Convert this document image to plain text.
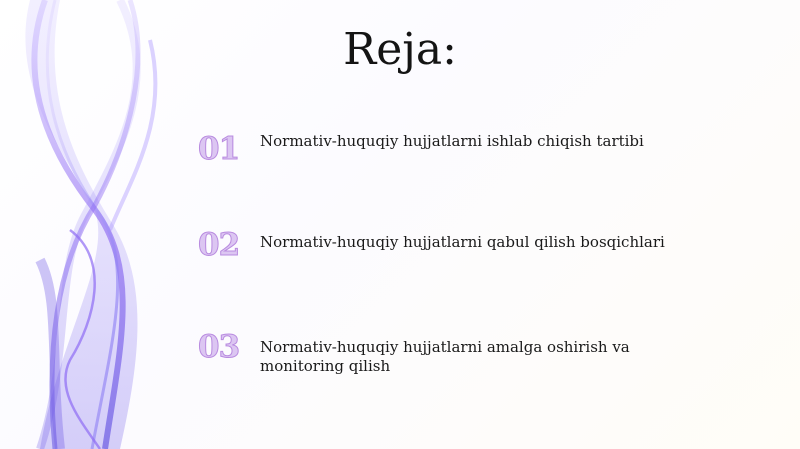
Reja:
01	Normativ-huquqiy hujjatlarni ishlab chiqish tartibi
02	Normativ-huquqiy hujjatlarni qabul qilish bosqichlari
03	Normativ-huquqiy hujjatlarni amalga oshirish va monitoring qilish
